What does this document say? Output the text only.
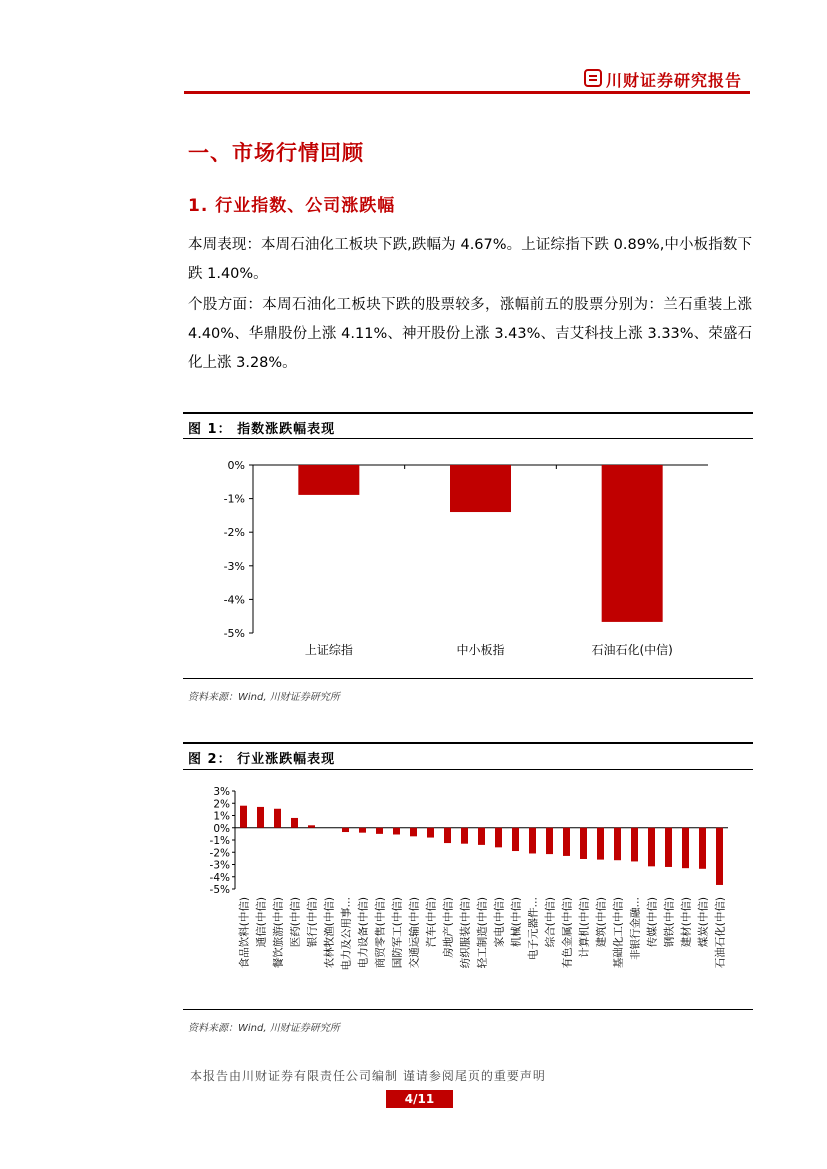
川财证券研究报告
一、市场行情回顾
1. 行业指数、公司涨跌幅
本周表现：本周石油化工板块下跌,跌幅为 4.67%。上证综指下跌 0.89%,中小板指数下跌 1.40%。
个股方面：本周石油化工板块下跌的股票较多，涨幅前五的股票分别为：兰石重装上涨 4.40%、华鼎股份上涨 4.11%、神开股份上涨 3.43%、吉艾科技上涨 3.33%、荣盛石化上涨 3.28%。
图 1： 指数涨跌幅表现
0%
-1%
-2%
-3%
-4%
-5%
上证综指	中小板指	石油石化(中信)
资料来源：Wind, 川财证券研究所
图 2： 行业涨跌幅表现
3%
2%
1%
0%
-1%
-2%
-3%
-4%
-5%
食品饮料(中信) 通信(中信) 餐饮旅游(中信) 医药(中信) 银行(中信) 农林牧渔(中信) 电力及公用事… 电力设备(中信) 商贸零售(中信) 国防军工(中信) 交通运输(中信) 汽车(中信) 房地产(中信) 纺织服装(中信) 轻工制造(中信) 家电(中信) 机械(中信) 电子元器件… 综合(中信) 有色金属(中信) 计算机(中信) 建筑(中信) 基础化工(中信) 非银行金融… 传媒(中信) 钢铁(中信) 建材(中信) 煤炭(中信) 石油石化(中信)
资料来源：Wind, 川财证券研究所
本报告由川财证券有限责任公司编制 谨请参阅尾页的重要声明
4/11
